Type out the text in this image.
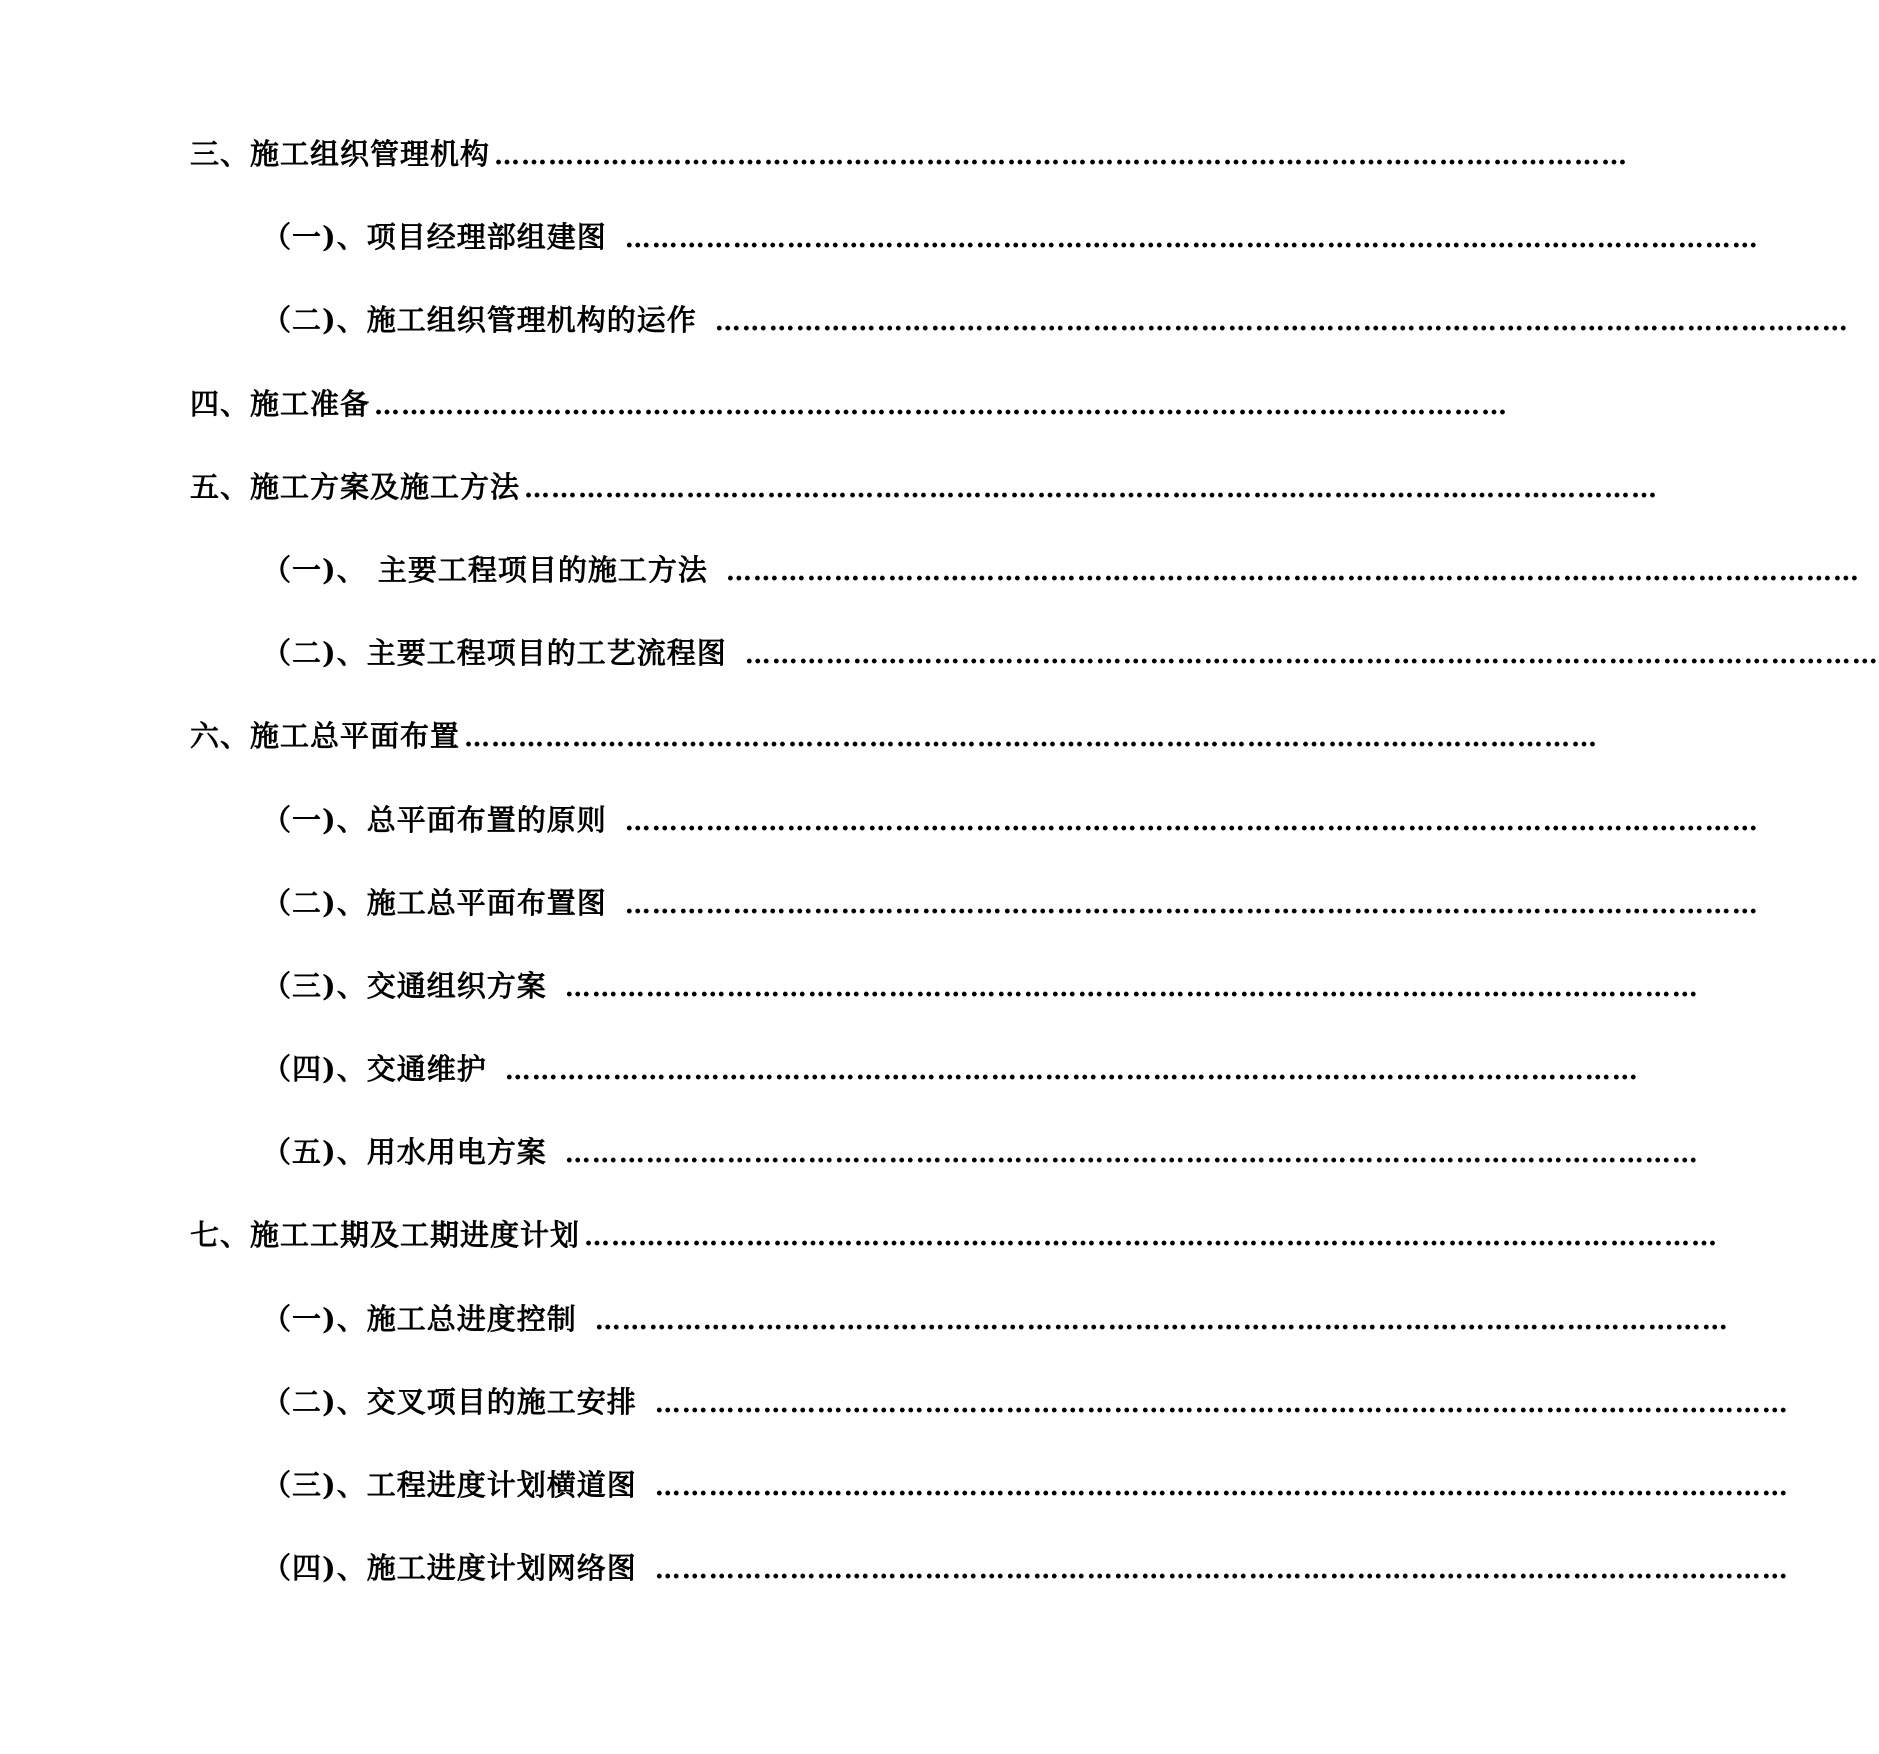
三、施工组织管理机构 ………………………………………………………………………………………………………………
（一)、项目经理部组建图 ………………………………………………………………………………………………………………
（二)、施工组织管理机构的运作 ………………………………………………………………………………………………………………
四、施工准备 ………………………………………………………………………………………………………………
五、施工方案及施工方法 ………………………………………………………………………………………………………………
（一)、 主要工程项目的施工方法 ………………………………………………………………………………………………………………
（二)、主要工程项目的工艺流程图 ………………………………………………………………………………………………………………
六、施工总平面布置 ………………………………………………………………………………………………………………
（一)、总平面布置的原则 ………………………………………………………………………………………………………………
（二)、施工总平面布置图 ………………………………………………………………………………………………………………
（三)、交通组织方案 ………………………………………………………………………………………………………………
（四)、交通维护 ………………………………………………………………………………………………………………
（五)、用水用电方案 ………………………………………………………………………………………………………………
七、施工工期及工期进度计划 ………………………………………………………………………………………………………………
（一)、施工总进度控制 ………………………………………………………………………………………………………………
（二)、交叉项目的施工安排 ………………………………………………………………………………………………………………
（三)、工程进度计划横道图 ………………………………………………………………………………………………………………
（四)、施工进度计划网络图 ………………………………………………………………………………………………………………
